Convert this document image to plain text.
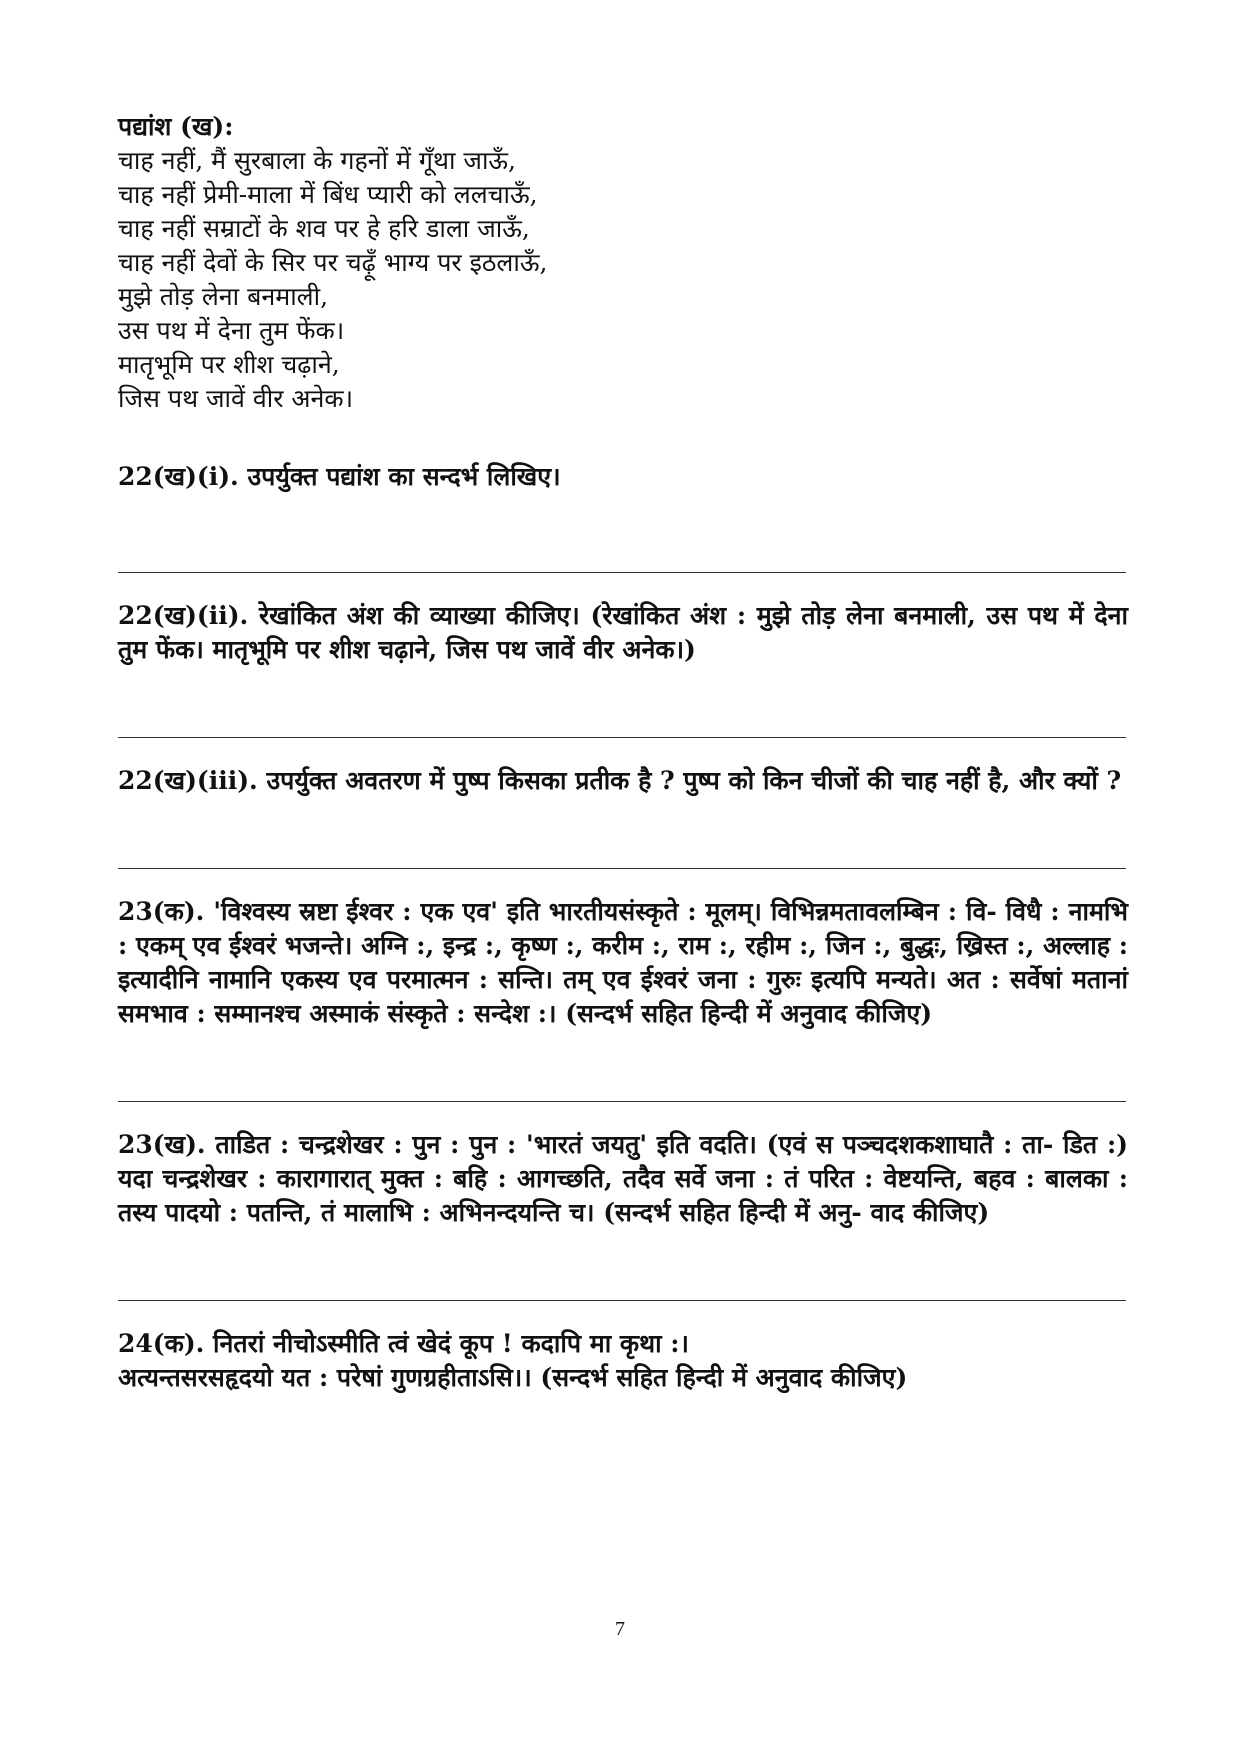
पद्यांश (ख):

चाह नहीं, मैं सुरबाला के गहनों में गूँथा जाऊँ,

चाह नहीं प्रेमी-माला में बिंध प्यारी को ललचाऊँ,

चाह नहीं सम्राटों के शव पर हे हरि डाला जाऊँ,

चाह नहीं देवों के सिर पर चढ़ूँ भाग्य पर इठलाऊँ,

मुझे तोड़ लेना बनमाली,

उस पथ में देना तुम फेंक।

मातृभूमि पर शीश चढ़ाने,

जिस पथ जावें वीर अनेक।

22(ख)(i). उपर्युक्त पद्यांश का सन्दर्भ लिखिए।

22(ख)(ii). रेखांकित अंश की व्याख्या कीजिए। (रेखांकित अंश : मुझे तोड़ लेना बनमाली, उस पथ में देना तुम फेंक। मातृभूमि पर शीश चढ़ाने, जिस पथ जावें वीर अनेक।)

22(ख)(iii). उपर्युक्त अवतरण में पुष्प किसका प्रतीक है ? पुष्प को किन चीजों की चाह नहीं है, और क्यों ?

23(क). 'विश्वस्य स्रष्टा ईश्वर : एक एव' इति भारतीयसंस्कृते : मूलम्। विभिन्नमतावलम्बिन : वि- विधै : नामभि : एकम् एव ईश्वरं भजन्ते। अग्नि :, इन्द्र :, कृष्ण :, करीम :, राम :, रहीम :, जिन :, बुद्धः, ख्रिस्त :, अल्लाह : इत्यादीनि नामानि एकस्य एव परमात्मन : सन्ति। तम् एव ईश्वरं जना : गुरुः इत्यपि मन्यते। अत : सर्वेषां मतानां समभाव : सम्मानश्च अस्माकं संस्कृते : सन्देश :। (सन्दर्भ सहित हिन्दी में अनुवाद कीजिए)

23(ख). ताडित : चन्द्रशेखर : पुन : पुन : 'भारतं जयतु' इति वदति। (एवं स पञ्चदशकशाघातै : ता- डित :) यदा चन्द्रशेखर : कारागारात् मुक्त : बहि : आगच्छति, तदैव सर्वे जना : तं परित : वेष्टयन्ति, बहव : बालका : तस्य पादयो : पतन्ति, तं मालाभि : अभिनन्दयन्ति च। (सन्दर्भ सहित हिन्दी में अनु- वाद कीजिए)

24(क). नितरां नीचोऽस्मीति त्वं खेदं कूप ! कदापि मा कृथा :।

अत्यन्तसरसहृदयो यत : परेषां गुणग्रहीताऽसि।। (सन्दर्भ सहित हिन्दी में अनुवाद कीजिए)

7
